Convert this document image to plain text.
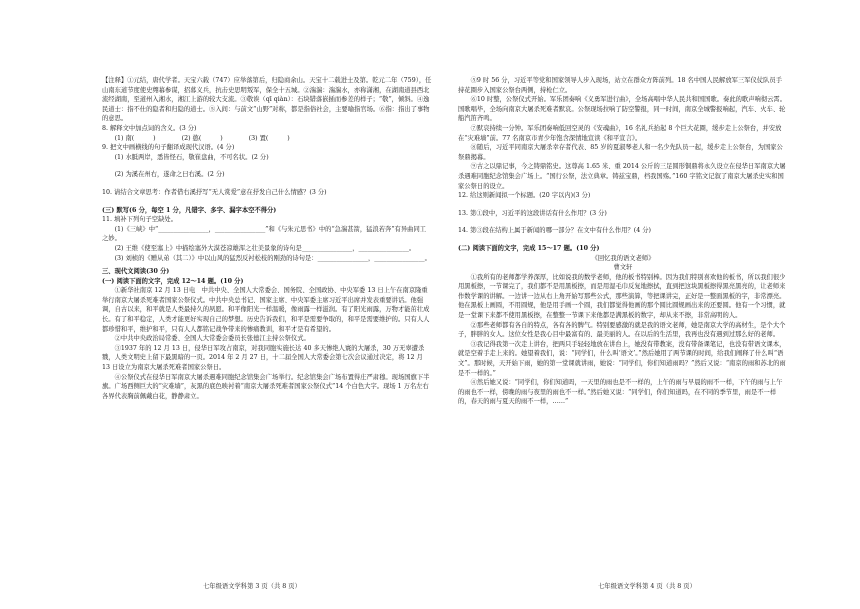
【注释】①元结，唐代学者。天宝六载（747）应举落第后，归隐商余山。天宝十二载进士及第。乾元二年（759），任山南东道节度使史翙幕参谋，招募义兵，抗击史思明叛军，保全十五城。②湍湍：湍湍水，亦称潇湘，在湖南道县西北流经湖南，至道州入湘水，湘江上游的较大支流。③敬诶（qī qiàn）：石块错落嵌插而参差的样子；“敬”，倾斜。④逸民道士：指不仕的隐者和归隐的道士。⑤入间：与前文“山野”对称，都是指俗社会，主要喻指官场。⑥指：指出了事物的意思。

8. 解释文中加点词的含义。(3 分)

(1) 南(　　　)	(2) 憨(　　　)	(3) 置(　　　)

9. 把文中画横线的句子翻译成现代汉语。(4 分)

(1) 水胝两岸，悉皆怪石，敬崔盘曲，不可名状。(2 分)

(2) 为溪在州右，遂命之曰右溪。(2 分)

10. 请结合文章思考：作者借右溪抒写“无人赏爱”意在抒发自己什么情感？(3 分)

(三) 默写(6 分，每空 1 分，凡错字、多字、漏字本空不得分)

11. 填补下列句子空缺处。

(1)《三峡》中“________________，________________”和《与朱元思书》中的“急湍甚箭，猛浪若奔”有异曲同工之妙。

(2) 王维《使至塞上》中描绘塞外大漠苍凉雄浑之壮美景象的诗句是________________，________________。

(3) 刘桢的《赠从弟（其二）》中以山风的猛烈反衬松枝的刚劲的诗句是：________________，________________。

三、现代文阅读(30 分)

(一) 阅读下面的文字，完成 12～14 题。(10 分)

①新华社南京 12 月 13 日电　中共中央、全国人大常委会、国务院、全国政协、中央军委 13 日上午在南京隆重举行南京大屠杀死难者国家公祭仪式。中共中央总书记、国家主席、中央军委主席习近平出席并发表重要讲话。他强调，自古以来，和平就是人类最持久的夙愿。和平像阳光一样温暖，像雨露一样滋润。有了阳光雨露，万物才能茁壮成长。有了和平稳定，人类才能更好实现自己的梦想。历史告诉我们，和平是需要争取的，和平是需要维护的。只有人人都珍惜和平，维护和平，只有人人都铭记战争带来的惨痛教训，和平才是有希望的。

②中共中央政治局常委、全国人大常委会委员长张德江主持公祭仪式。

③1937 年的 12 月 13 日，侵华日军攻占南京，对我同胞实施长达 40 多天惨绝人寰的大屠杀，30 万无辜遭杀戮，人类文明史上留下最黑暗的一页。2014 年 2 月 27 日，十二届全国人大常委会第七次会议通过决定，将 12 月 13 日设立为南京大屠杀死难者国家公祭日。

④公祭仪式在侵华日军南京大屠杀遇难同胞纪念馆集会广场举行。纪念馆集会广场布置得庄严肃穆。现场国旗下半旗。广场西侧巨大的“灾难墙”，灰黑的底色映衬着“南京大屠杀死难者国家公祭仪式”14 个白色大字。现场 1 万名左右各界代表胸前佩戴白花，静静肃立。

⑤9 时 56 分，习近平等党和国家领导人步入现场，站立在群众方阵前列。18 名中国人民解放军三军仪仗队员手持花圈步入国家公祭台两侧，持枪仁立。

⑥10 时整，公祭仪式开始。军乐团奏响《义勇军进行曲》，全场高唱中华人民共和国国歌。奏此的歌声响彻云霄。国歌唱毕，全场向南京大屠杀死难者默哀。公祭现场拉响了防空警报，同一时间，南京全城警报响起，汽车、火车、轮船汽笛齐鸣。

⑦默哀持续一分钟。军乐团奏响低回空灵的《安魂曲》，16 名礼兵抬起 8 个巨大花圈，缓步走上公祭台，并安放在“灾难墙”前。77 名南京市青少年饱含深情地宣读《和平宣言》。

⑧随后，习近平同南京大屠杀幸存者代表、85 岁的夏淑琴老人和一名少先队员一起，缓步走上公祭台，为国家公祭鼎揭幕。

⑨古之以鼎记事，今之铸鼎铭史。这尊高 1.65 米、重 2014 公斤的三足圆形铜鼎将永久设立在侵华日军南京大屠杀遇难同胞纪念馆集会广场上。“国行公祭，法立典章。铸兹宝鼎，档我国殇。”160 字铭文记叙了南京大屠杀史实和国家公祭日的设立。

12. 给这则新闻拟一个标题。(20 字以内)(3 分)

13. 第①段中，习近平的这段讲话有什么作用？(3 分)

14. 第③段在结构上属于新闻的哪一部分？在文中有什么作用？(4 分)

(二) 阅读下面的文字，完成 15～17 题。(10 分)

《回忆我的语文老师》

曹文轩

①我所有的老师都学养深厚，比如说我的数学老师，他的板书特别棒。因为我们特别喜欢他的板书，所以我们很少用黑板擦，一节课完了，我们都不是用黑板擦，而是用湿毛巾反复地擦拭，直到把这块黑板擦得黑亮黑亮的，让老师来作数学课的讲解。一边讲一边从右上角开始写那些公式，那些演算，等把课讲完，正好是一整面黑板的字，非常漂亮。他在黑板上画圆，不用圆规，他是用手画一个圆，我们都觉得他画的那个圆比圆规画出来的还要圆。他有一个习惯，就是一堂课下来都不使用黑板擦，在整整一节课下来他都是满黑板的数字，却从来不擦，非常高明的人。

②那些老师都有各自的特点，各有各的脾气。特别要感激的就是我的语文老师，她是南京大学的高材生，是个大个子，胖胖的女人。这位女性是我心目中最富有的、最美丽的人。在以后的生活里，我再也没有遇到过那么好的老师。

③我记得我第一次走上讲台，把两只手轻轻地放在讲台上，她没有带教案，没有带备课笔记，也没有带语文课本，就是空着手走上来的。她望着我们，说：“同学们，什么叫‘语文’。”然后她用了两节课的时间，给我们阐释了什么叫“语文”。那时候，天开始下雨，她的第一堂课就讲雨，她说：“同学们，你们知道雨吗？”然后又说：“南京的雨和苏北的雨是不一样的。”

④然后她又说：“同学们，你们知道吗，一天里的雨也是不一样的，上午的雨与早晨的雨不一样，下午的雨与上午的雨也不一样，傍晚的雨与夜里的雨也不一样。”然后她又说：“同学们，你们知道吗，在不同的季节里，雨是不一样的，春天的雨与夏天的雨不一样，……”

七年级语文学科第 3 页（共 8 页）	七年级语文学科第 4 页（共 8 页）
